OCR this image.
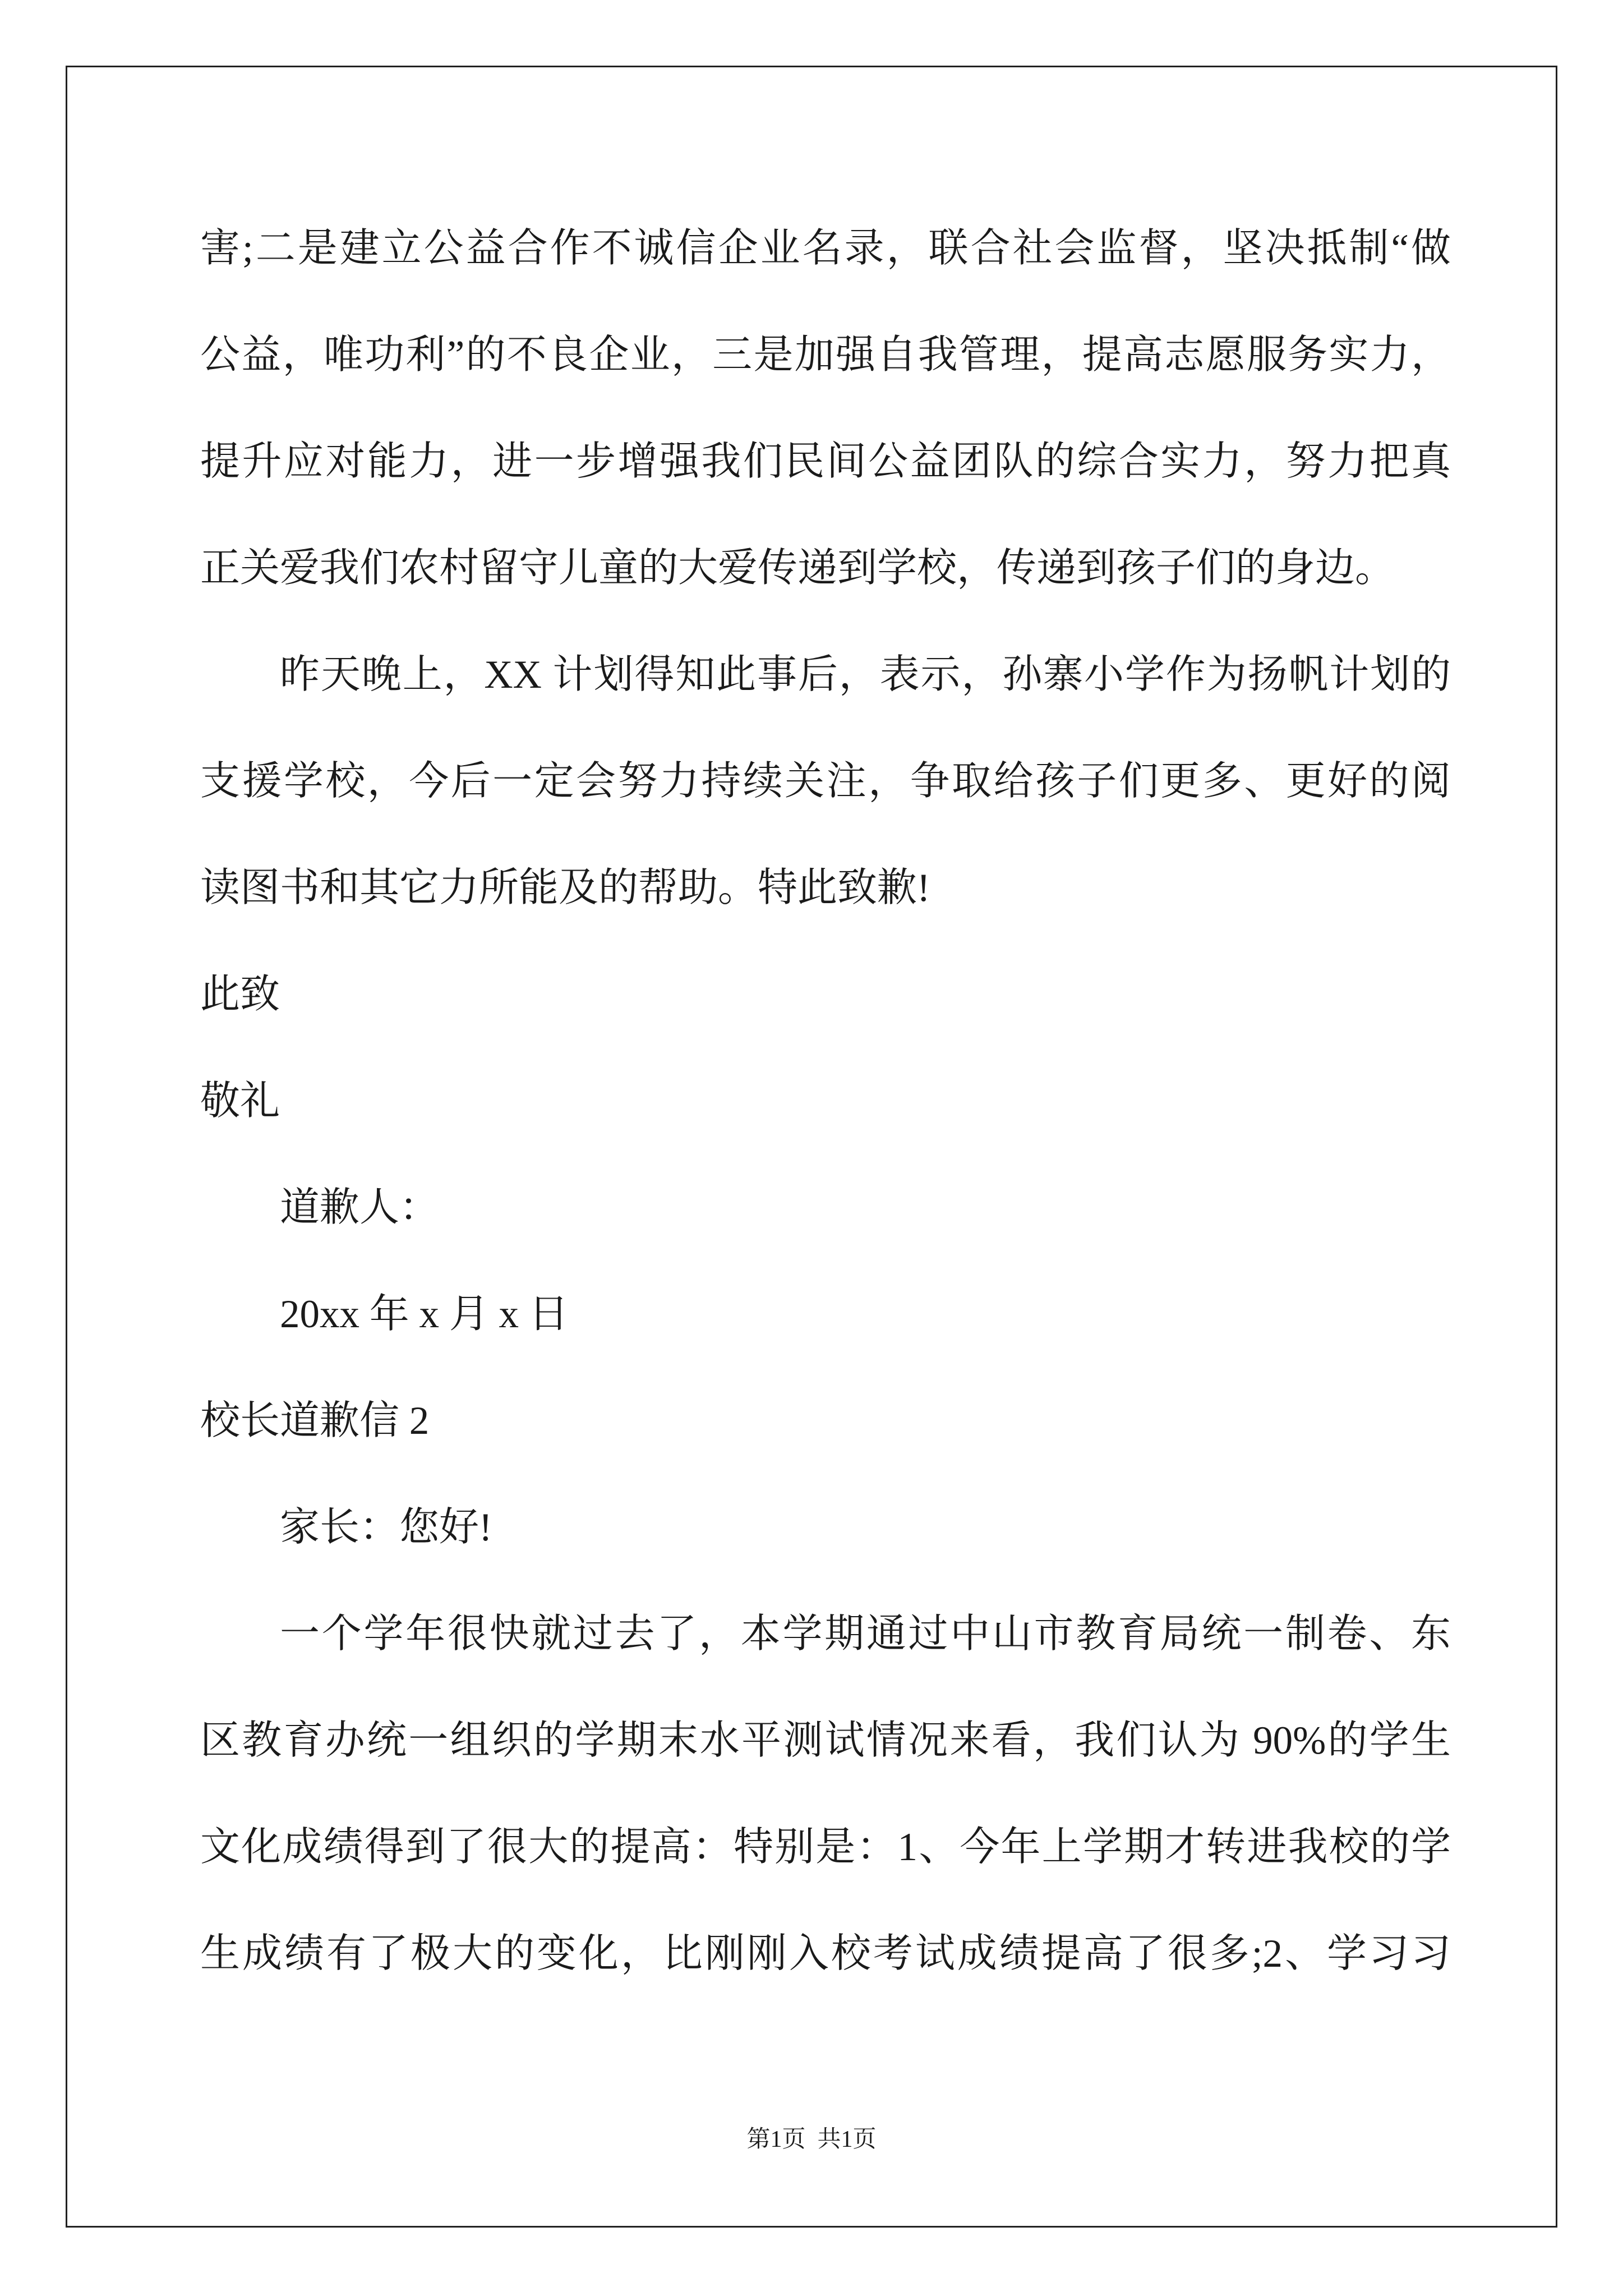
害;二是建立公益合作不诚信企业名录，联合社会监督，坚决抵制“做
公益，唯功利”的不良企业，三是加强自我管理，提高志愿服务实力，
提升应对能力，进一步增强我们民间公益团队的综合实力，努力把真
正关爱我们农村留守儿童的大爱传递到学校，传递到孩子们的身边。
昨天晚上，XX 计划得知此事后，表示，孙寨小学作为扬帆计划的
支援学校，今后一定会努力持续关注，争取给孩子们更多、更好的阅
读图书和其它力所能及的帮助。特此致歉!
此致
敬礼
道歉人：
20xx 年 x 月 x 日
校长道歉信 2
家长：您好!
一个学年很快就过去了，本学期通过中山市教育局统一制卷、东
区教育办统一组织的学期末水平测试情况来看，我们认为 90%的学生
文化成绩得到了很大的提高：特别是：1、今年上学期才转进我校的学
生成绩有了极大的变化，比刚刚入校考试成绩提高了很多;2、学习习
第1页  共1页
